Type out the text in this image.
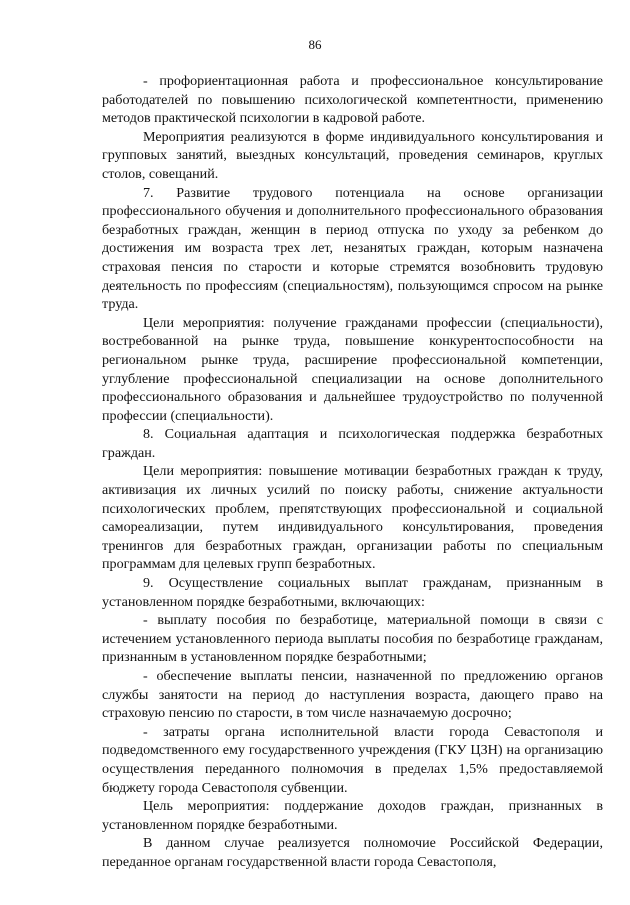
86

- профориентационная работа и профессиональное консультирование работодателей по повышению психологической компетентности, применению методов практической психологии в кадровой работе.

Мероприятия реализуются в форме индивидуального консультирования и групповых занятий, выездных консультаций, проведения семинаров, круглых столов, совещаний.

7. Развитие трудового потенциала на основе организации профессионального обучения и дополнительного профессионального образования безработных граждан, женщин в период отпуска по уходу за ребенком до достижения им возраста трех лет, незанятых граждан, которым назначена страховая пенсия по старости и которые стремятся возобновить трудовую деятельность по профессиям (специальностям), пользующимся спросом на рынке труда.

Цели мероприятия: получение гражданами профессии (специальности), востребованной на рынке труда, повышение конкурентоспособности на региональном рынке труда, расширение профессиональной компетенции, углубление профессиональной специализации на основе дополнительного профессионального образования и дальнейшее трудоустройство по полученной профессии (специальности).

8. Социальная адаптация и психологическая поддержка безработных граждан.

Цели мероприятия: повышение мотивации безработных граждан к труду, активизация их личных усилий по поиску работы, снижение актуальности психологических проблем, препятствующих профессиональной и социальной самореализации, путем индивидуального консультирования, проведения тренингов для безработных граждан, организации работы по специальным программам для целевых групп безработных.

9. Осуществление социальных выплат гражданам, признанным в установленном порядке безработными, включающих:

- выплату пособия по безработице, материальной помощи в связи с истечением установленного периода выплаты пособия по безработице гражданам, признанным в установленном порядке безработными;

- обеспечение выплаты пенсии, назначенной по предложению органов службы занятости на период до наступления возраста, дающего право на страховую пенсию по старости, в том числе назначаемую досрочно;

- затраты органа исполнительной власти города Севастополя и подведомственного ему государственного учреждения (ГКУ ЦЗН) на организацию осуществления переданного полномочия в пределах 1,5% предоставляемой бюджету города Севастополя субвенции.

Цель мероприятия: поддержание доходов граждан, признанных в установленном порядке безработными.

В данном случае реализуется полномочие Российской Федерации, переданное органам государственной власти города Севастополя,
